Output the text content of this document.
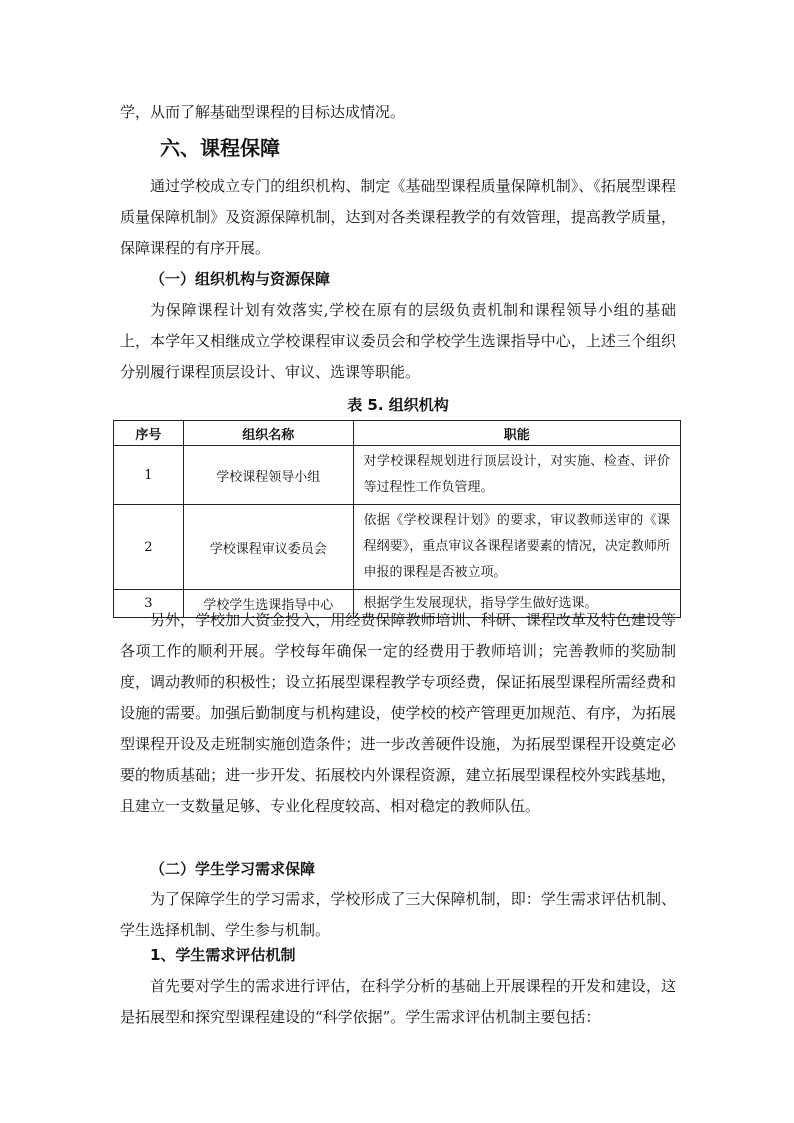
学，从而了解基础型课程的目标达成情况。

六、课程保障

通过学校成立专门的组织机构、制定《基础型课程质量保障机制》、《拓展型课程质量保障机制》及资源保障机制，达到对各类课程教学的有效管理，提高教学质量，保障课程的有序开展。

（一）组织机构与资源保障

为保障课程计划有效落实,学校在原有的层级负责机制和课程领导小组的基础上，本学年又相继成立学校课程审议委员会和学校学生选课指导中心，上述三个组织分别履行课程顶层设计、审议、选课等职能。

表 5. 组织机构
序号	组织名称	职能
1	学校课程领导小组	对学校课程规划进行顶层设计，对实施、检查、评价等过程性工作负管理。
2	学校课程审议委员会	依据《学校课程计划》的要求，审议教师送审的《课程纲要》，重点审议各课程诸要素的情况，决定教师所申报的课程是否被立项。
3	学校学生选课指导中心	根据学生发展现状，指导学生做好选课。

另外，学校加大资金投入，用经费保障教师培训、科研、课程改革及特色建设等各项工作的顺利开展。学校每年确保一定的经费用于教师培训；完善教师的奖励制度，调动教师的积极性；设立拓展型课程教学专项经费，保证拓展型课程所需经费和设施的需要。加强后勤制度与机构建设，使学校的校产管理更加规范、有序，为拓展型课程开设及走班制实施创造条件；进一步改善硬件设施，为拓展型课程开设奠定必要的物质基础；进一步开发、拓展校内外课程资源，建立拓展型课程校外实践基地，且建立一支数量足够、专业化程度较高、相对稳定的教师队伍。

（二）学生学习需求保障

为了保障学生的学习需求，学校形成了三大保障机制，即：学生需求评估机制、学生选择机制、学生参与机制。

1、学生需求评估机制

首先要对学生的需求进行评估，在科学分析的基础上开展课程的开发和建设，这是拓展型和探究型课程建设的“科学依据”。学生需求评估机制主要包括：
